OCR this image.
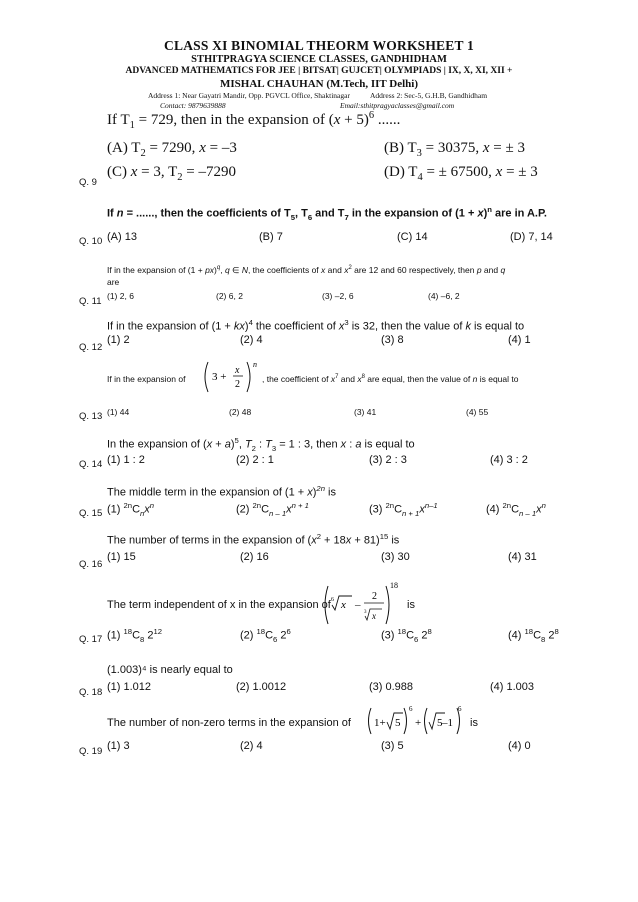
CLASS XI BINOMIAL THEORM WORKSHEET 1
STHITPRAGYA SCIENCE CLASSES, GANDHIDHAM
ADVANCED MATHEMATICS FOR JEE | BITSAT| GUJCET| OLYMPIADS | IX, X, XI, XII +
MISHAL CHAUHAN (M.Tech, IIT Delhi)
Address 1: Near Gayatri Mandir, Opp. PGVCL Office, Shaktinagar	Address 2: Sec-5, G.H.B, Gandhidham
Contact: 9879639888	Email:sthitpragyaclasses@gmail.com
If $T_1 = 729$, then in the expansion of $(x + 5)^6$ ......
(A) $T_2 = 7290$, x = –3	(B) $T_3 = 30375$, x = ± 3
(C) x = 3, $T_2 = -7290$	(D) $T_4$ = ± 67500, x = ± 3
Q. 9
If n = ......, then the coefficients of $T_5$, $T_6$ and $T_7$ in the expansion of $(1 + x)^n$ are in A.P.
(A) 13	(B) 7	(C) 14	(D) 7, 14
Q. 10
If in the expansion of (1 + px)$^q$, q ∈ N, the coefficients of x and $x^2$ are 12 and 60 respectively, then p and q
are
(1) 2, 6	(2) 6, 2	(3) –2, 6	(4) –6, 2
Q. 11
If in the expansion of (1 + kx)$^4$ the coefficient of $x^3$ is 32, then the value of k is equal to
(1) 2	(2) 4	(3) 8	(4) 1
Q. 12
If in the expansion of 3 +
x
2
n
, the coefficient of $x^7$ and $x^8$ are equal, then the value of n is equal to
(1) 44	(2) 48	(3) 41	(4) 55
Q. 13
In the expansion of $(x + a)^5$, $T_2$ : $T_3 = 1$ : 3, then x : a is equal to
(1) 1 : 2	(2) 2 : 1	(3) 2 : 3	(4) 3 : 2
Q. 14
The middle term in the expansion of $(1 + x)^{2n}$ is
(1) $^{2n}C_nx^n$	(2) $^{2n}C_{n - 1}x^{n + 1}$	(3) $^{2n}C_{n + 1}x^{n-1}$	(4) $^{2n}C_{n - 1}x^n$
Q. 15
The number of terms in the expansion of $(x^2 + 18x + 81)^{15}$ is
(1) 15	(2) 16	(3) 30	(4) 31
Q. 16
The term independent of x in the expansion of 6 x –
2
3 x
18
is
(1) $^{18}C_8$ $2^{12}$	(2) $^{18}C_6$ $2^6$	(3) $^{18}C_6$ $2^8$	(4) $^{18}C_8$ $2^8$
Q. 17
(1.003)⁴ is nearly equal to
(1) 1.012	(2) 1.0012	(3) 0.988	(4) 1.003
Q. 18
The number of non-zero terms in the expansion of 1+ 5
6
+ 5 –1
6
is
(1) 3	(2) 4	(3) 5	(4) 0
Q. 19
